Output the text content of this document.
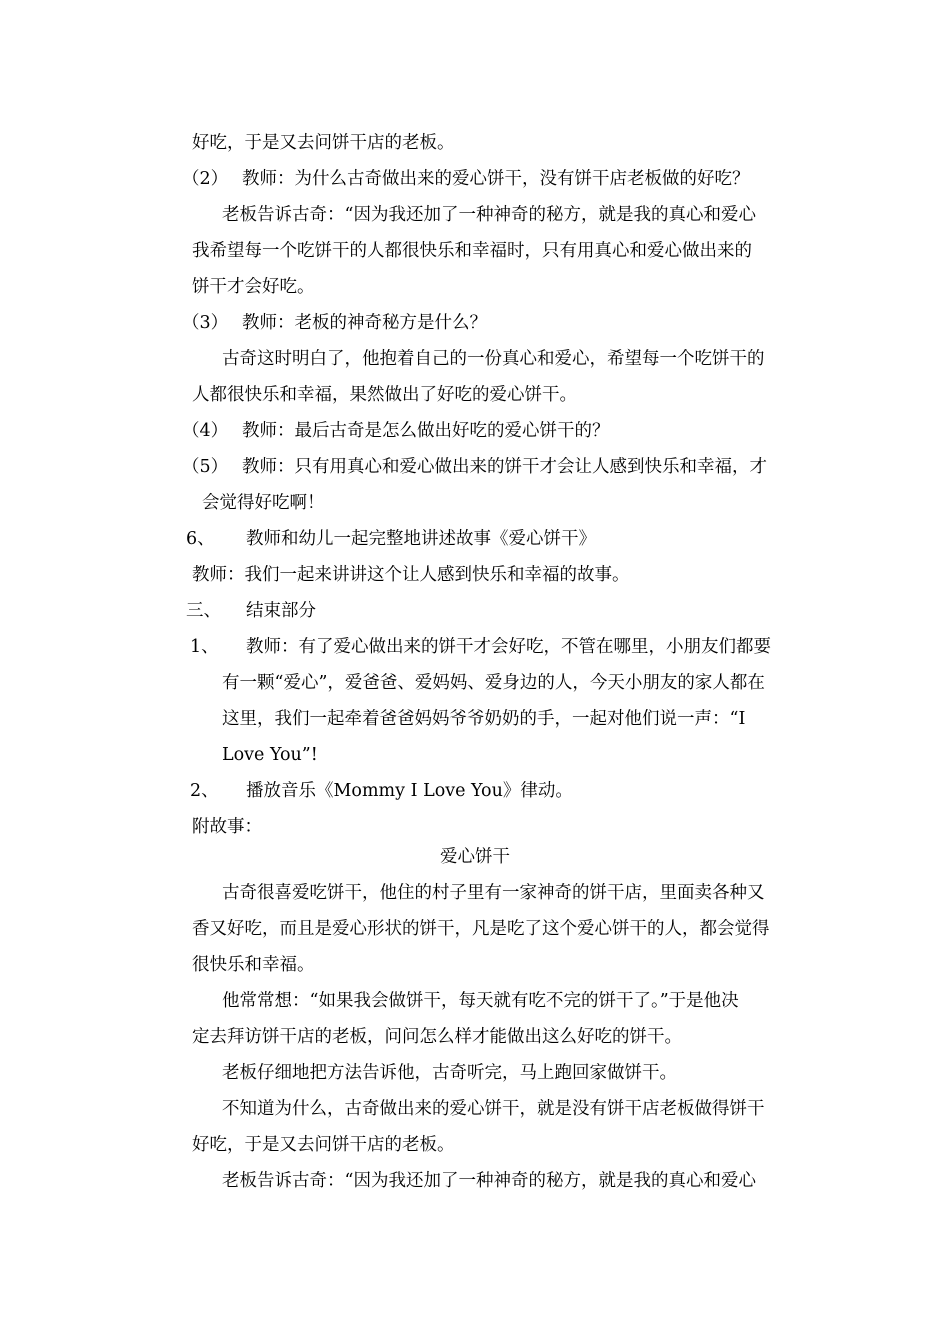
好吃，于是又去问饼干店的老板。
（2） 教师：为什么古奇做出来的爱心饼干，没有饼干店老板做的好吃？
老板告诉古奇：“因为我还加了一种神奇的秘方，就是我的真心和爱心
我希望每一个吃饼干的人都很快乐和幸福时，只有用真心和爱心做出来的
饼干才会好吃。
（3） 教师：老板的神奇秘方是什么？
古奇这时明白了，他抱着自己的一份真心和爱心，希望每一个吃饼干的
人都很快乐和幸福，果然做出了好吃的爱心饼干。
（4） 教师：最后古奇是怎么做出好吃的爱心饼干的？
（5） 教师：只有用真心和爱心做出来的饼干才会让人感到快乐和幸福，才
会觉得好吃啊！
6、 教师和幼儿一起完整地讲述故事《爱心饼干》
教师：我们一起来讲讲这个让人感到快乐和幸福的故事。
三、 结束部分
1、 教师：有了爱心做出来的饼干才会好吃，不管在哪里，小朋友们都要
有一颗“爱心”，爱爸爸、爱妈妈、爱身边的人，今天小朋友的家人都在
这里，我们一起牵着爸爸妈妈爷爷奶奶的手，一起对他们说一声：“I
Love You”!
2、 播放音乐《Mommy I Love You》律动。
附故事：
爱心饼干
古奇很喜爱吃饼干，他住的村子里有一家神奇的饼干店，里面卖各种又
香又好吃，而且是爱心形状的饼干，凡是吃了这个爱心饼干的人，都会觉得
很快乐和幸福。
他常常想：“如果我会做饼干，每天就有吃不完的饼干了。”于是他决
定去拜访饼干店的老板，问问怎么样才能做出这么好吃的饼干。
老板仔细地把方法告诉他，古奇听完，马上跑回家做饼干。
不知道为什么，古奇做出来的爱心饼干，就是没有饼干店老板做得饼干
好吃，于是又去问饼干店的老板。
老板告诉古奇：“因为我还加了一种神奇的秘方，就是我的真心和爱心
